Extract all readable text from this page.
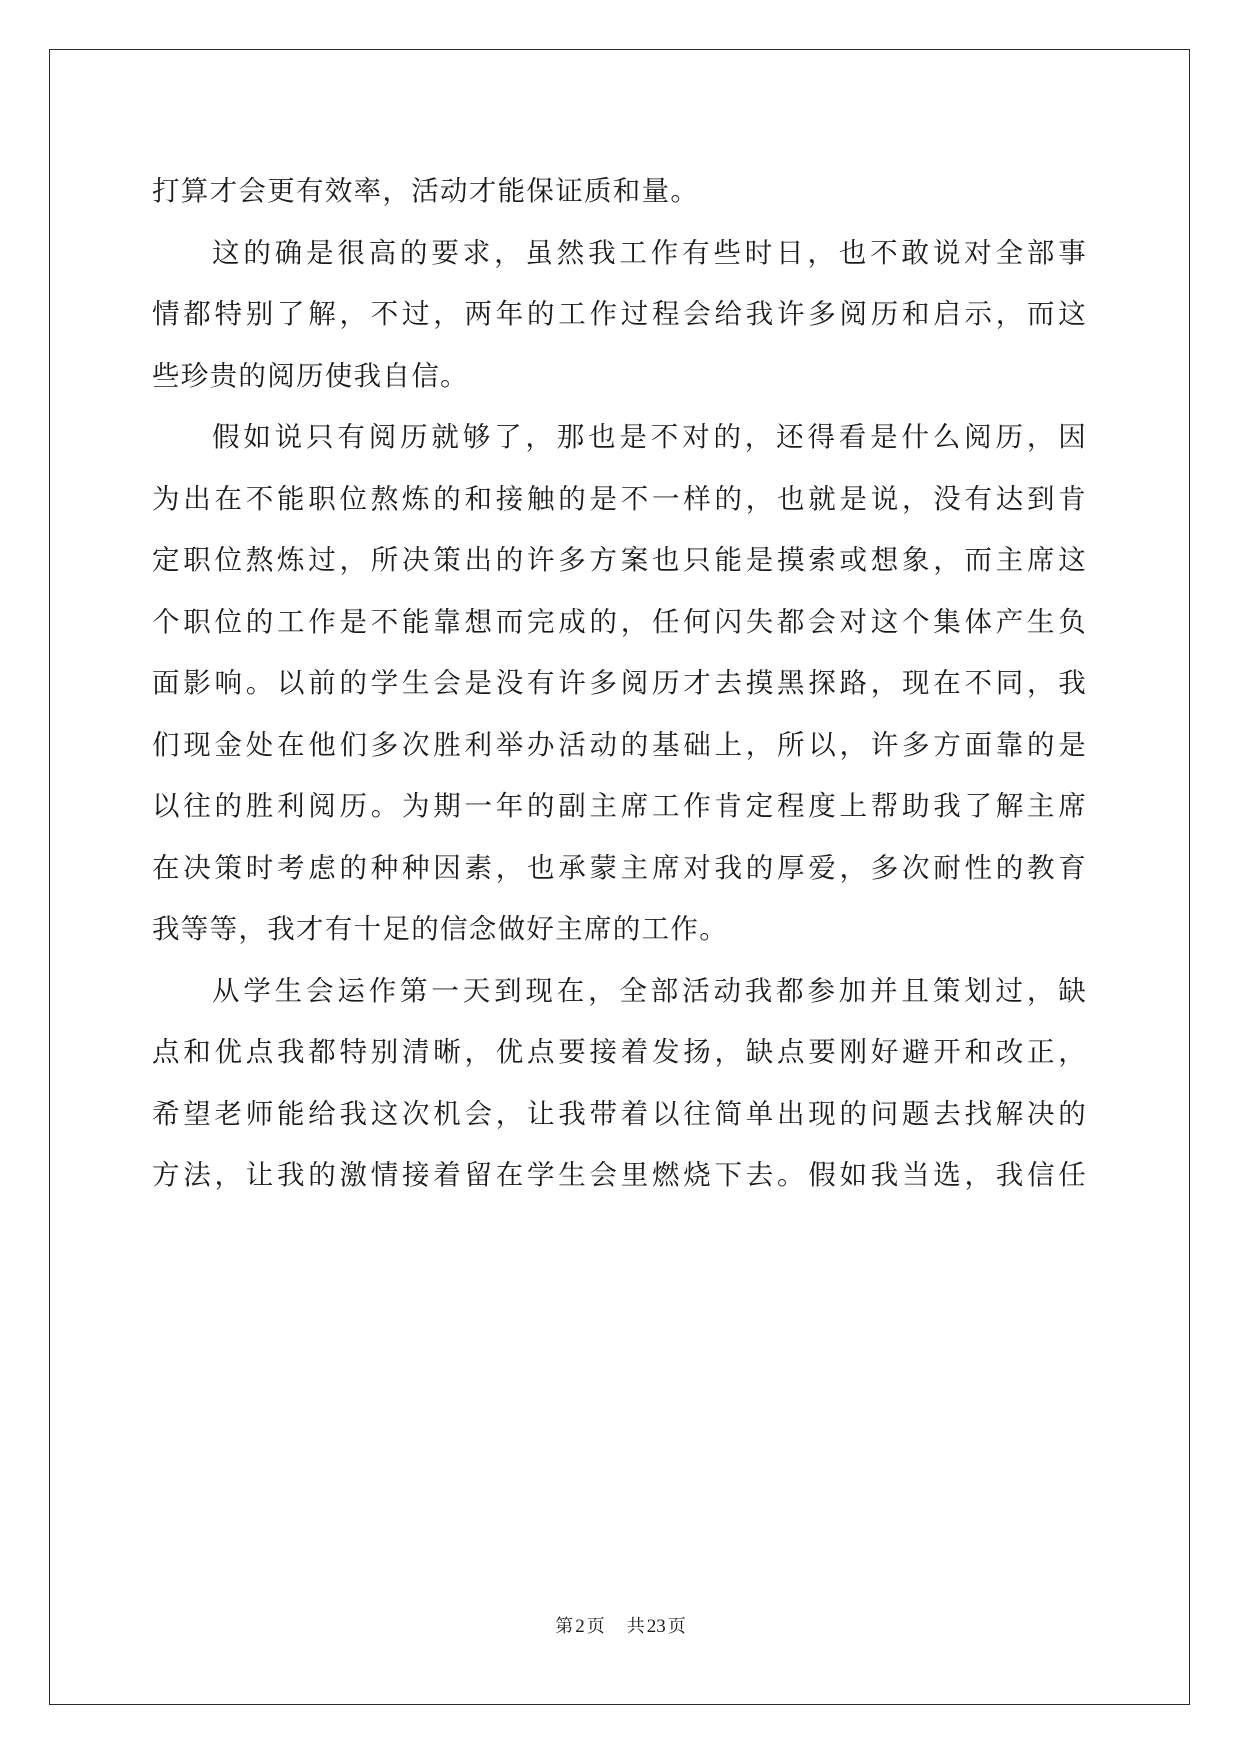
打算才会更有效率，活动才能保证质和量。

这的确是很高的要求，虽然我工作有些时日，也不敢说对全部事
情都特别了解，不过，两年的工作过程会给我许多阅历和启示，而这
些珍贵的阅历使我自信。

假如说只有阅历就够了，那也是不对的，还得看是什么阅历，因
为出在不能职位熬炼的和接触的是不一样的，也就是说，没有达到肯
定职位熬炼过，所决策出的许多方案也只能是摸索或想象，而主席这
个职位的工作是不能靠想而完成的，任何闪失都会对这个集体产生负
面影响。以前的学生会是没有许多阅历才去摸黑探路，现在不同，我
们现金处在他们多次胜利举办活动的基础上，所以，许多方面靠的是
以往的胜利阅历。为期一年的副主席工作肯定程度上帮助我了解主席
在决策时考虑的种种因素，也承蒙主席对我的厚爱，多次耐性的教育
我等等，我才有十足的信念做好主席的工作。

从学生会运作第一天到现在，全部活动我都参加并且策划过，缺
点和优点我都特别清晰，优点要接着发扬，缺点要刚好避开和改正，
希望老师能给我这次机会，让我带着以往简单出现的问题去找解决的
方法，让我的激情接着留在学生会里燃烧下去。假如我当选，我信任

第 2 页 共 23 页
